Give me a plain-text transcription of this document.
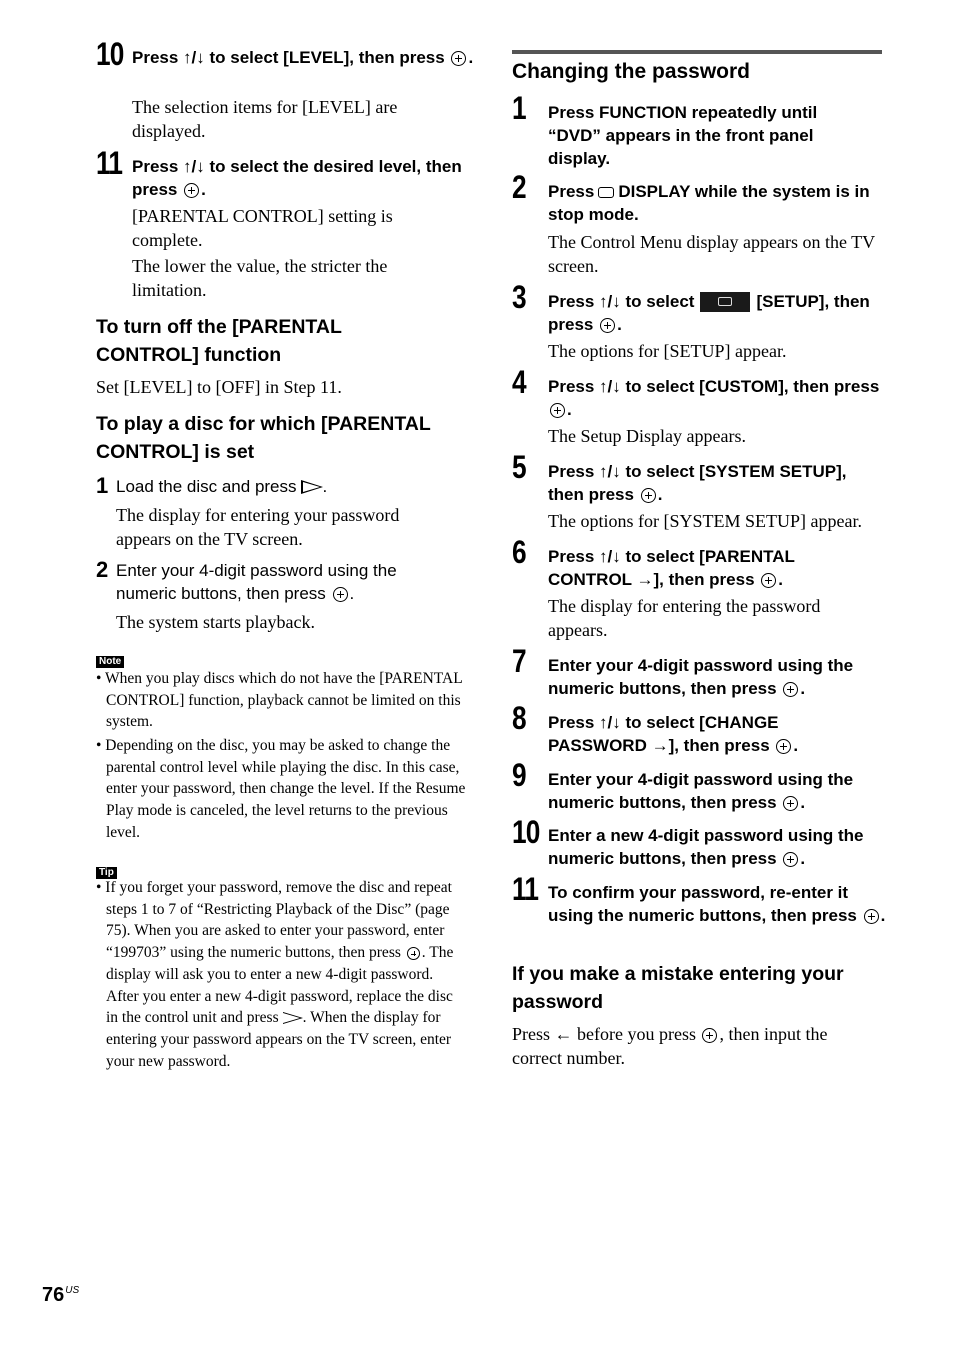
10 Press ↑/↓ to select [LEVEL], then press .
The selection items for [LEVEL] are displayed.
11 Press ↑/↓ to select the desired level, then press .
[PARENTAL CONTROL] setting is complete.
The lower the value, the stricter the limitation.
To turn off the [PARENTAL CONTROL] function
Set [LEVEL] to [OFF] in Step 11.
To play a disc for which [PARENTAL CONTROL] is set
1 Load the disc and press .
The display for entering your password appears on the TV screen.
2 Enter your 4-digit password using the numeric buttons, then press .
The system starts playback.
Note
• When you play discs which do not have the [PARENTAL CONTROL] function, playback cannot be limited on this system.
• Depending on the disc, you may be asked to change the parental control level while playing the disc. In this case, enter your password, then change the level. If the Resume Play mode is canceled, the level returns to the previous level.
Tip
• If you forget your password, remove the disc and repeat steps 1 to 7 of “Restricting Playback of the Disc” (page 75). When you are asked to enter your password, enter “199703” using the numeric buttons, then press . The display will ask you to enter a new 4-digit password. After you enter a new 4-digit password, replace the disc in the control unit and press . When the display for entering your password appears on the TV screen, enter your new password.
Changing the password
1 Press FUNCTION repeatedly until “DVD” appears in the front panel display.
2 Press DISPLAY while the system is in stop mode.
The Control Menu display appears on the TV screen.
3 Press ↑/↓ to select	[SETUP], then press .
The options for [SETUP] appear.
4 Press ↑/↓ to select [CUSTOM], then press .
The Setup Display appears.
5 Press ↑/↓ to select [SYSTEM SETUP], then press .
The options for [SYSTEM SETUP] appear.
6 Press ↑/↓ to select [PARENTAL CONTROL →], then press .
The display for entering the password appears.
7 Enter your 4-digit password using the numeric buttons, then press .
8 Press ↑/↓ to select [CHANGE PASSWORD →], then press .
9 Enter your 4-digit password using the numeric buttons, then press .
10 Enter a new 4-digit password using the numeric buttons, then press .
11 To confirm your password, re-enter it using the numeric buttons, then press .
If you make a mistake entering your password
Press ← before you press , then input the correct number.
$76^{US}$
